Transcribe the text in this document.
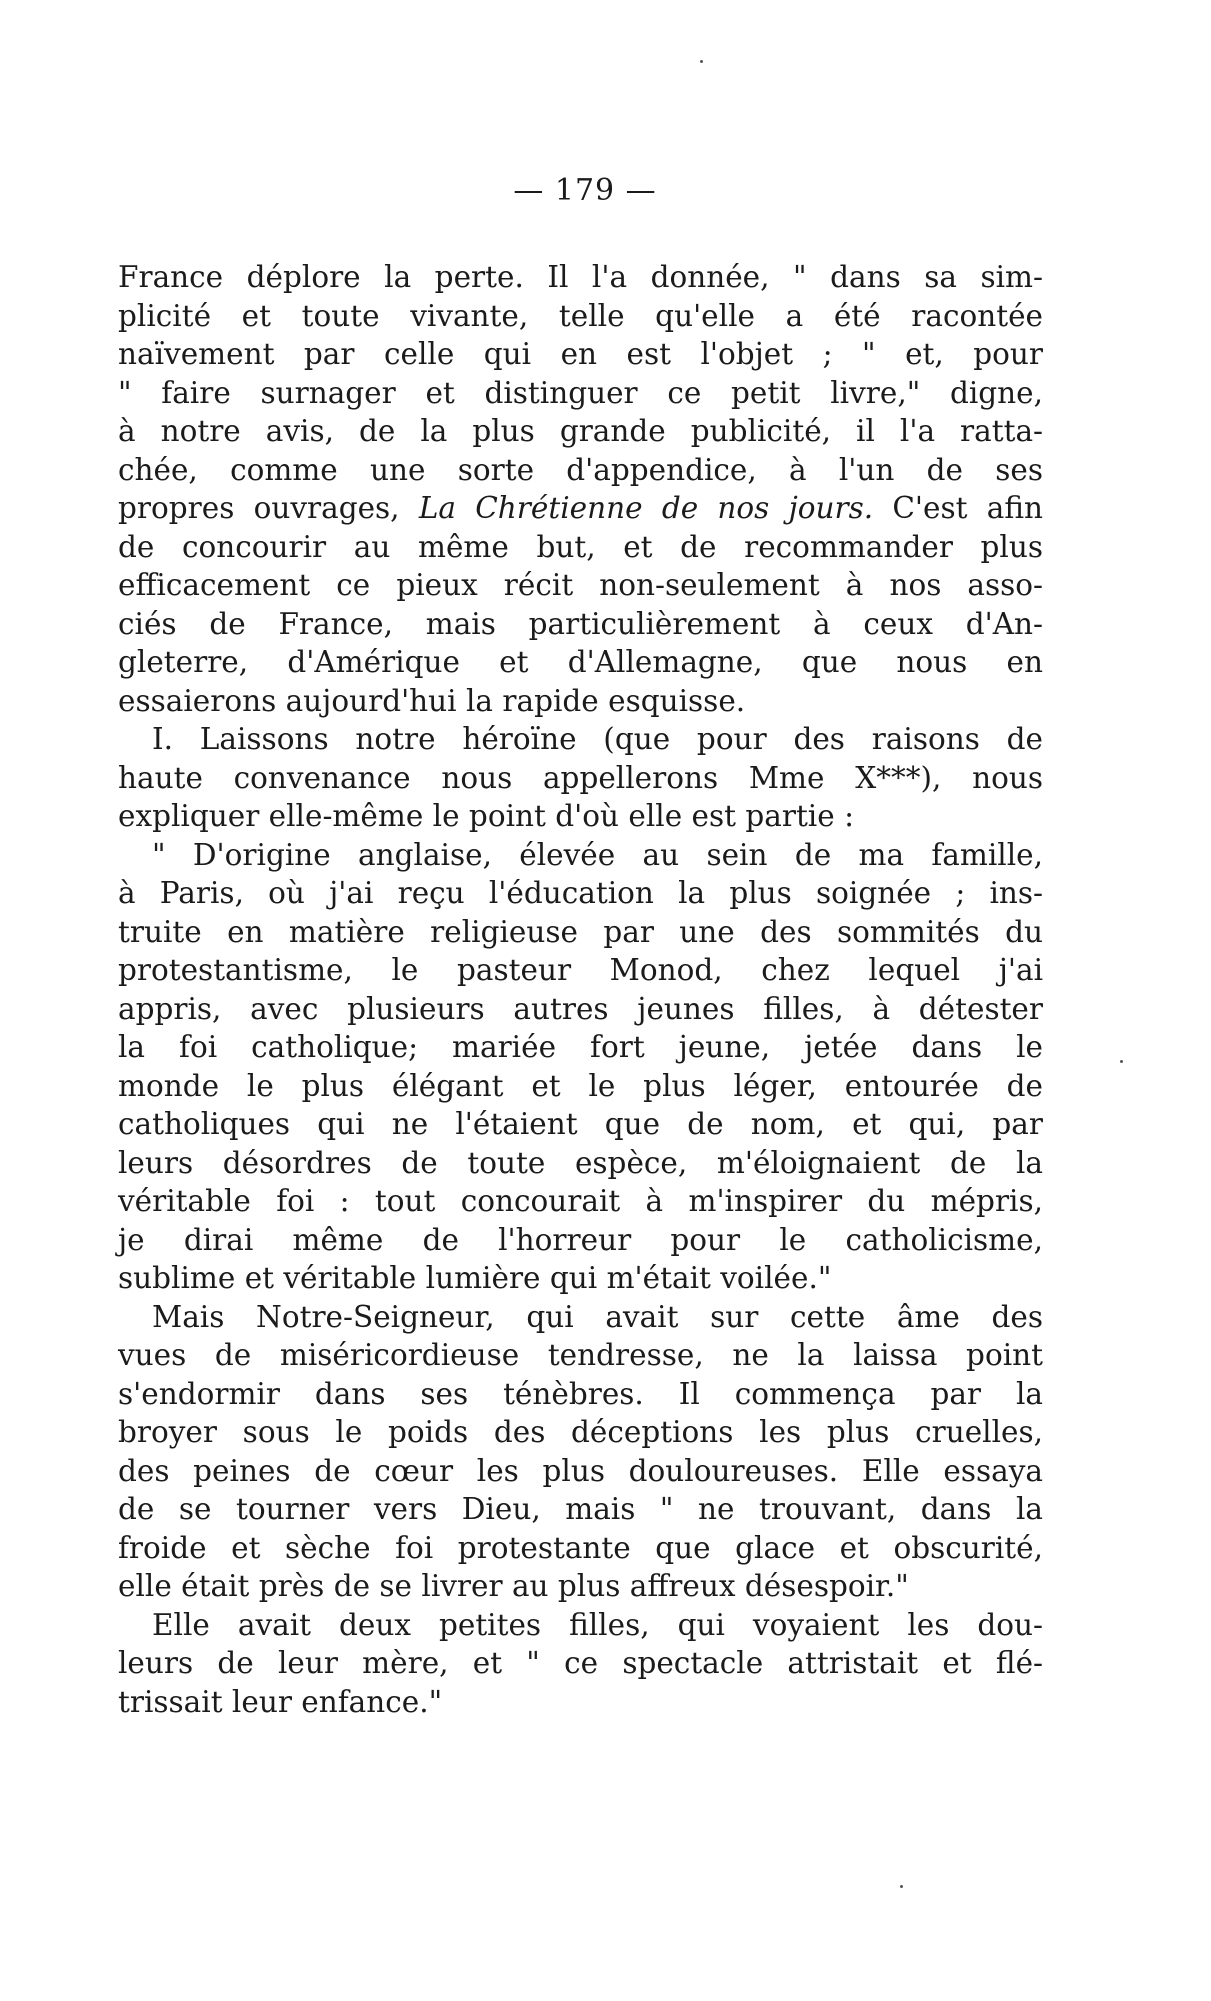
— 179 —
France déplore la perte. Il l'a donnée, " dans sa sim-
plicité et toute vivante, telle qu'elle a été racontée
naïvement par celle qui en est l'objet ; " et, pour
" faire surnager et distinguer ce petit livre," digne,
à notre avis, de la plus grande publicité, il l'a ratta-
chée, comme une sorte d'appendice, à l'un de ses
propres ouvrages, La Chrétienne de nos jours. C'est afin
de concourir au même but, et de recommander plus
efficacement ce pieux récit non-seulement à nos asso-
ciés de France, mais particulièrement à ceux d'An-
gleterre, d'Amérique et d'Allemagne, que nous en
essaierons aujourd'hui la rapide esquisse.
I. Laissons notre héroïne (que pour des raisons de
haute convenance nous appellerons Mme X***), nous
expliquer elle-même le point d'où elle est partie :
" D'origine anglaise, élevée au sein de ma famille,
à Paris, où j'ai reçu l'éducation la plus soignée ; ins-
truite en matière religieuse par une des sommités du
protestantisme, le pasteur Monod, chez lequel j'ai
appris, avec plusieurs autres jeunes filles, à détester
la foi catholique; mariée fort jeune, jetée dans le
monde le plus élégant et le plus léger, entourée de
catholiques qui ne l'étaient que de nom, et qui, par
leurs désordres de toute espèce, m'éloignaient de la
véritable foi : tout concourait à m'inspirer du mépris,
je dirai même de l'horreur pour le catholicisme,
sublime et véritable lumière qui m'était voilée."
Mais Notre-Seigneur, qui avait sur cette âme des
vues de miséricordieuse tendresse, ne la laissa point
s'endormir dans ses ténèbres. Il commença par la
broyer sous le poids des déceptions les plus cruelles,
des peines de cœur les plus douloureuses. Elle essaya
de se tourner vers Dieu, mais " ne trouvant, dans la
froide et sèche foi protestante que glace et obscurité,
elle était près de se livrer au plus affreux désespoir."
Elle avait deux petites filles, qui voyaient les dou-
leurs de leur mère, et " ce spectacle attristait et flé-
trissait leur enfance."
